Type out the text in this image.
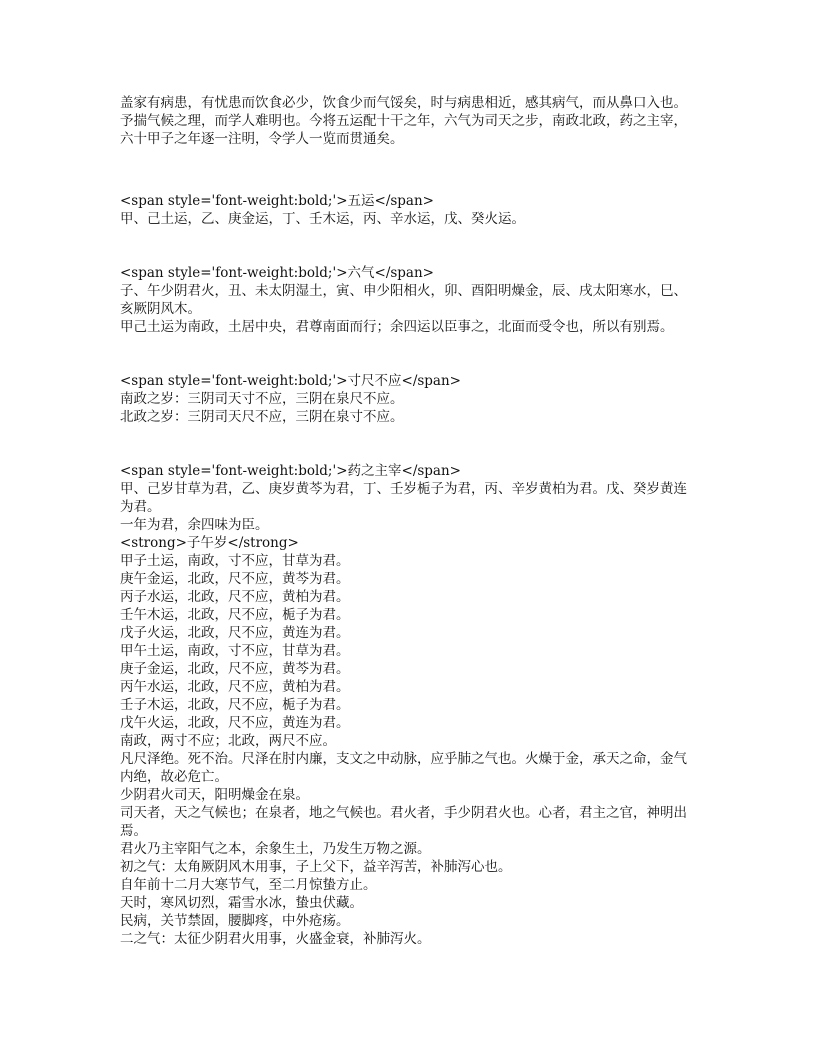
盖家有病患，有忧患而饮食必少，饮食少而气馁矣，时与病患相近，感其病气，而从鼻口入也。予揣气候之理，而学人难明也。今将五运配十干之年，六气为司天之步，南政北政，药之主宰，六十甲子之年逐一注明，令学人一览而贯通矣。

<span style='font-weight:bold;'>五运</span>

甲、己土运，乙、庚金运，丁、壬木运，丙、辛水运，戊、癸火运。

<span style='font-weight:bold;'>六气</span>

子、午少阴君火，丑、未太阴湿土，寅、申少阳相火，卯、酉阳明燥金，辰、戌太阳寒水，巳、亥厥阴风木。

甲己土运为南政，土居中央，君尊南面而行；余四运以臣事之，北面而受令也，所以有别焉。

<span style='font-weight:bold;'>寸尺不应</span>

南政之岁：三阴司天寸不应，三阴在泉尺不应。

北政之岁：三阴司天尺不应，三阴在泉寸不应。

<span style='font-weight:bold;'>药之主宰</span>

甲、己岁甘草为君，乙、庚岁黄芩为君，丁、壬岁栀子为君，丙、辛岁黄柏为君。戊、癸岁黄连为君。

一年为君，余四味为臣。

<strong>子午岁</strong>

甲子土运，南政，寸不应，甘草为君。

庚午金运，北政，尺不应，黄芩为君。

丙子水运，北政，尺不应，黄柏为君。

壬午木运，北政，尺不应，栀子为君。

戊子火运，北政，尺不应，黄连为君。

甲午土运，南政，寸不应，甘草为君。

庚子金运，北政，尺不应，黄芩为君。

丙午水运，北政，尺不应，黄柏为君。

壬子木运，北政，尺不应，栀子为君。

戊午火运，北政，尺不应，黄连为君。

南政，两寸不应；北政，两尺不应。

凡尺泽绝。死不治。尺泽在肘内廉，支文之中动脉，应乎肺之气也。火燥于金，承天之命，金气内绝，故必危亡。

少阴君火司天，阳明燥金在泉。

司天者，天之气候也；在泉者，地之气候也。君火者，手少阴君火也。心者，君主之官，神明出焉。

君火乃主宰阳气之本，余象生土，乃发生万物之源。

初之气：太角厥阴风木用事，子上父下，益辛泻苦，补肺泻心也。

自年前十二月大寒节气，至二月惊蛰方止。

天时，寒风切烈，霜雪水冰，蛰虫伏藏。

民病，关节禁固，腰脚疼，中外疮疡。

二之气：太征少阴君火用事，火盛金衰，补肺泻火。
